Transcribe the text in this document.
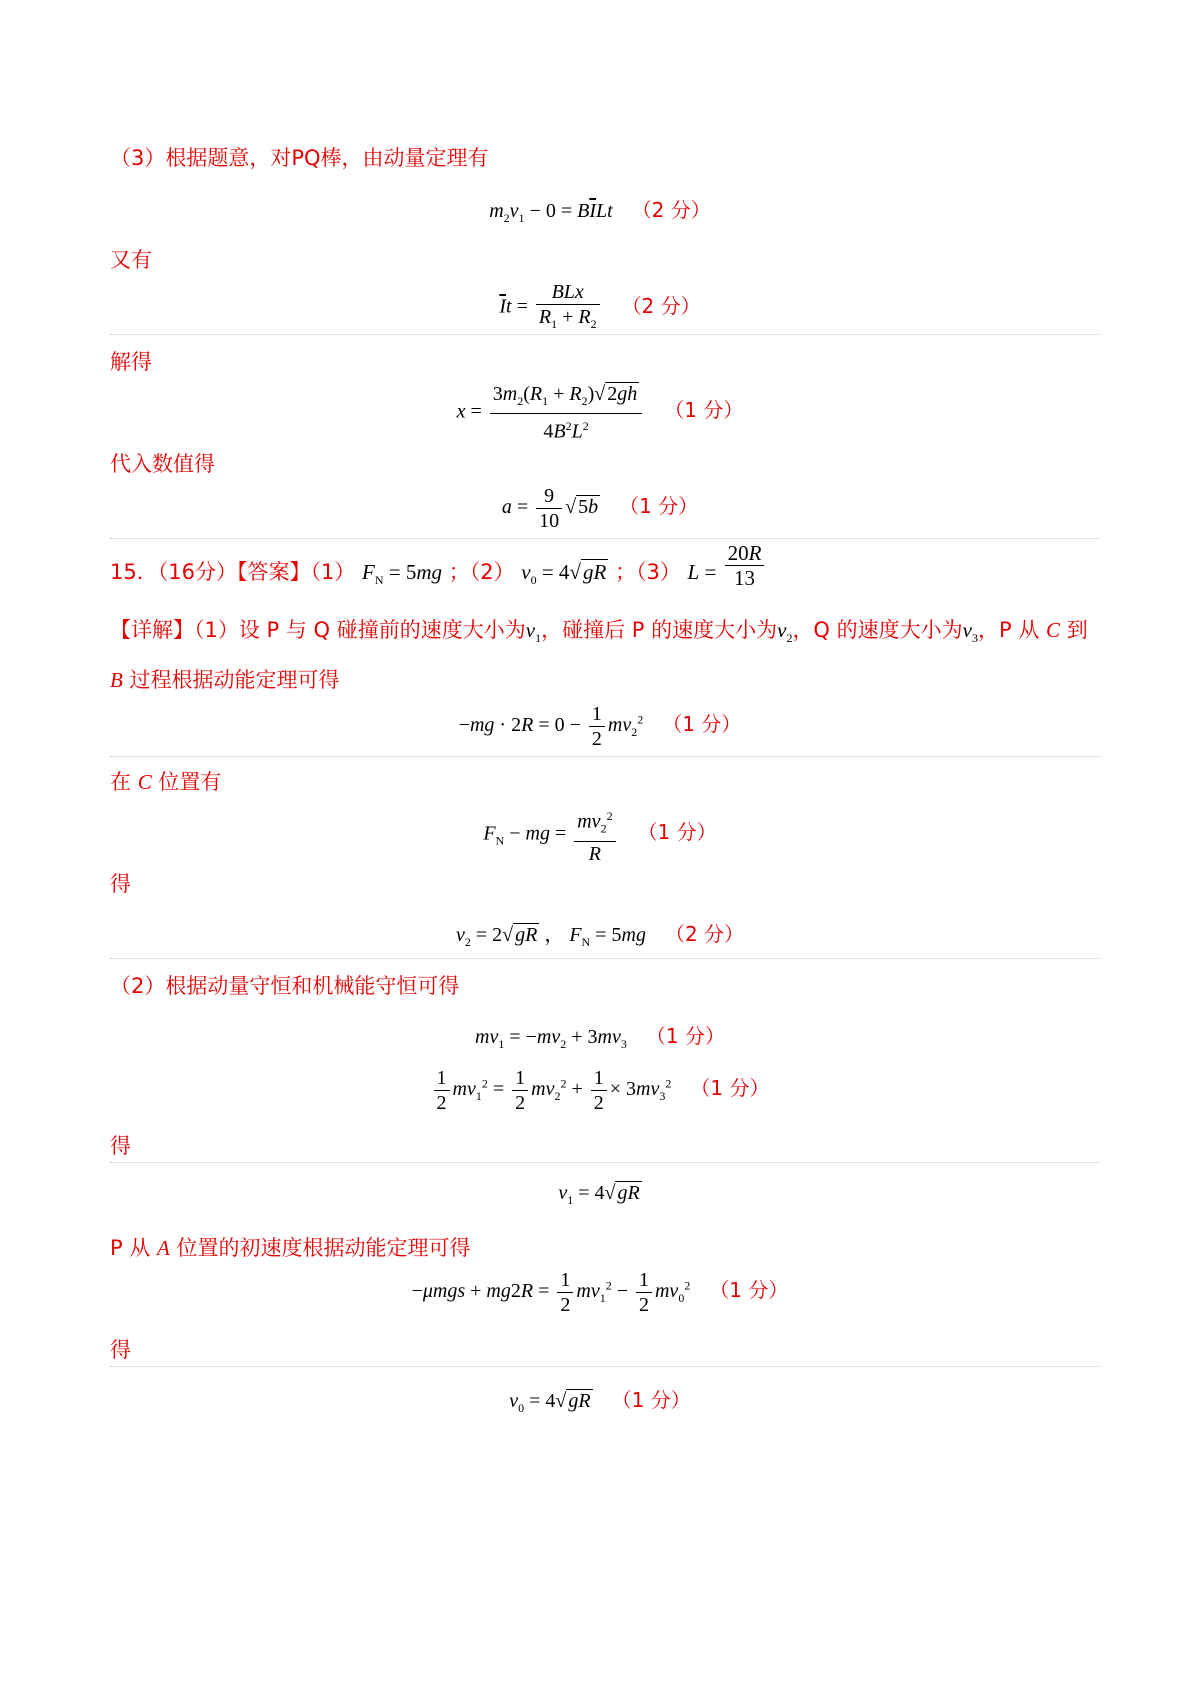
（3）根据题意，对PQ棒，由动量定理有
$m_2v_1 - 0 = B\overline{I}Lt$ （2 分）
又有
$\overline{I}t = \frac{\text{BLx}}{R_1 + R_2} (2$ 分）
解得
$x = \frac{3m_2(R_1 + R_2)√ 2gh}{4B^2L^2} (1$ 分）
代入数值得
$a = \frac{9}{10}$ √ 5b （1 分）
15．（16分）【答案】（1） $F_N = 5mg$ ；（2） $v_0 = 4√gR$ ；（3） $L = \frac{20R}{13}$
【详解】（1）设 P 与 Q 碰撞前的速度大小为$v_1$，碰撞后 P 的速度大小为$v_2$，Q 的速度大小为$v_3$，P 从 C 到
B 过程根据动能定理可得
$-mg \cdot 2R = 0 - \frac{1}{2} mv_2^2$ （1 分）
在 C 位置有
$F_N$ − mg = $\frac{mv_2^2}{R} (1$ 分）
得
$v_2 = 2√$ gR ， $F_N = 5mg$ （2 分）
（2）根据动量守恒和机械能守恒可得
$mv_1 = -mv_2 + 3mv_3$ （1 分）
$\frac{1}{2} mv_1^2 = \frac{1}{2} mv_2^2 + \frac{1}{2} \times 3mv_3^2$ （1 分）
得
$v_1 = 4√$ gR
P 从 A 位置的初速度根据动能定理可得
$-\mu mgs + mg2R = \frac{1}{2} mv_1^2 - \frac{1}{2} mv_0^2$ （1 分）
得
$v_0 = 4√$ gR （1 分）
